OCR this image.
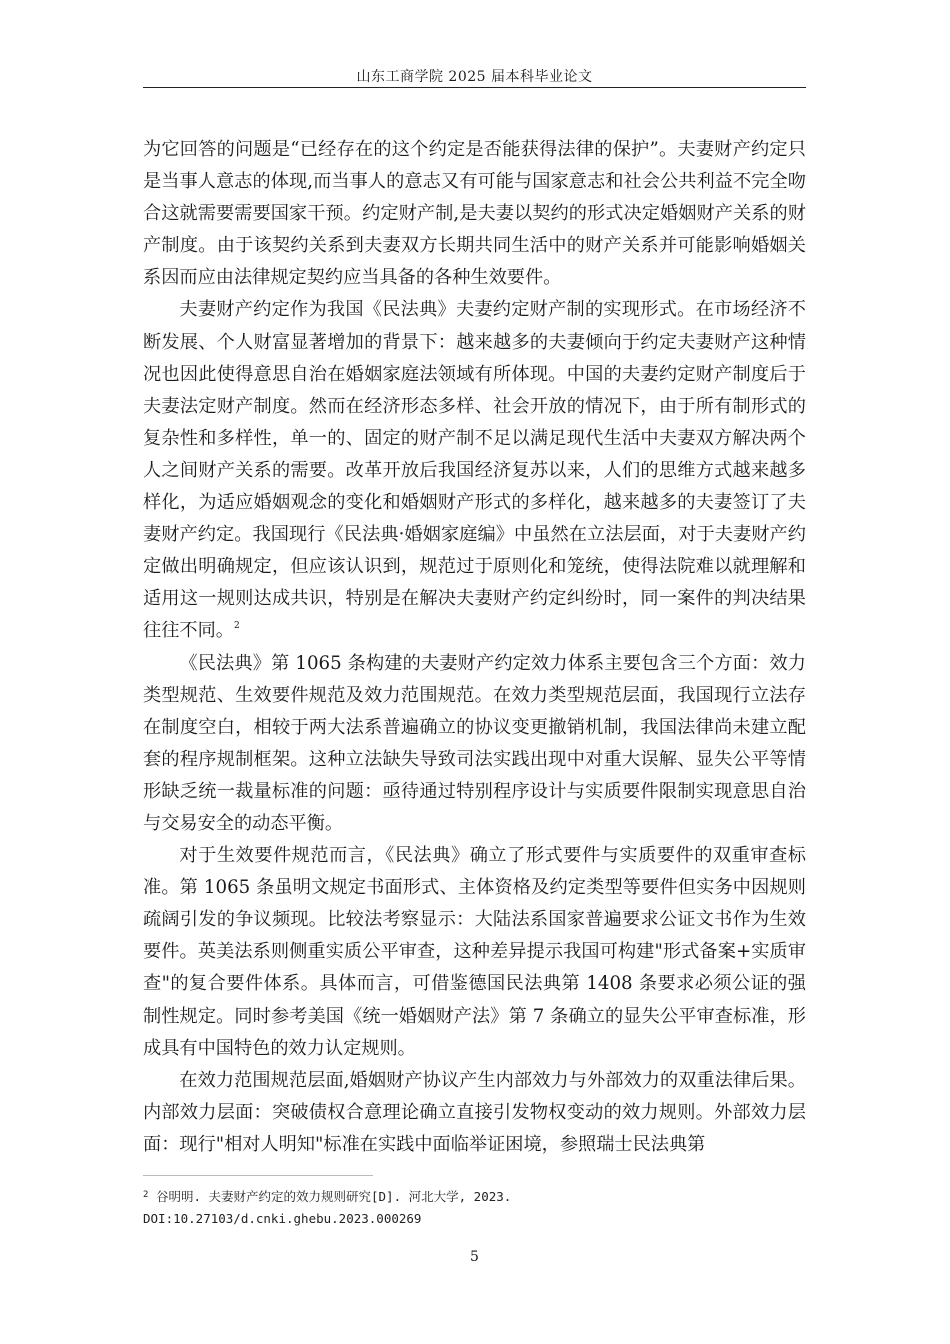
山东工商学院 2025 届本科毕业论文

为它回答的问题是“已经存在的这个约定是否能获得法律的保护”。夫妻财产约定只是当事人意志的体现,而当事人的意志又有可能与国家意志和社会公共利益不完全吻合这就需要需要国家干预。约定财产制,是夫妻以契约的形式决定婚姻财产关系的财产制度。由于该契约关系到夫妻双方长期共同生活中的财产关系并可能影响婚姻关系因而应由法律规定契约应当具备的各种生效要件。

夫妻财产约定作为我国《民法典》夫妻约定财产制的实现形式。在市场经济不断发展、个人财富显著增加的背景下：越来越多的夫妻倾向于约定夫妻财产这种情况也因此使得意思自治在婚姻家庭法领域有所体现。中国的夫妻约定财产制度后于夫妻法定财产制度。然而在经济形态多样、社会开放的情况下，由于所有制形式的复杂性和多样性，单一的、固定的财产制不足以满足现代生活中夫妻双方解决两个人之间财产关系的需要。改革开放后我国经济复苏以来，人们的思维方式越来越多样化，为适应婚姻观念的变化和婚姻财产形式的多样化，越来越多的夫妻签订了夫妻财产约定。我国现行《民法典·婚姻家庭编》中虽然在立法层面，对于夫妻财产约定做出明确规定，但应该认识到，规范过于原则化和笼统，使得法院难以就理解和适用这一规则达成共识，特别是在解决夫妻财产约定纠纷时，同一案件的判决结果往往不同。$^2$

《民法典》第 1065 条构建的夫妻财产约定效力体系主要包含三个方面：效力类型规范、生效要件规范及效力范围规范。在效力类型规范层面，我国现行立法存在制度空白，相较于两大法系普遍确立的协议变更撤销机制，我国法律尚未建立配套的程序规制框架。这种立法缺失导致司法实践出现中对重大误解、显失公平等情形缺乏统一裁量标准的问题：亟待通过特别程序设计与实质要件限制实现意思自治与交易安全的动态平衡。

对于生效要件规范而言，《民法典》确立了形式要件与实质要件的双重审查标准。第 1065 条虽明文规定书面形式、主体资格及约定类型等要件但实务中因规则疏阔引发的争议频现。比较法考察显示：大陆法系国家普遍要求公证文书作为生效要件。英美法系则侧重实质公平审查，这种差异提示我国可构建"形式备案+实质审查"的复合要件体系。具体而言，可借鉴德国民法典第 1408 条要求必须公证的强制性规定。同时参考美国《统一婚姻财产法》第 7 条确立的显失公平审查标准，形成具有中国特色的效力认定规则。

在效力范围规范层面,婚姻财产协议产生内部效力与外部效力的双重法律后果。内部效力层面：突破债权合意理论确立直接引发物权变动的效力规则。外部效力层面：现行"相对人明知"标准在实践中面临举证困境，参照瑞士民法典第

$^2$ 谷明明. 夫妻财产约定的效力规则研究[D]. 河北大学, 2023.
DOI:10.27103/d.cnki.ghebu.2023.000269
5
